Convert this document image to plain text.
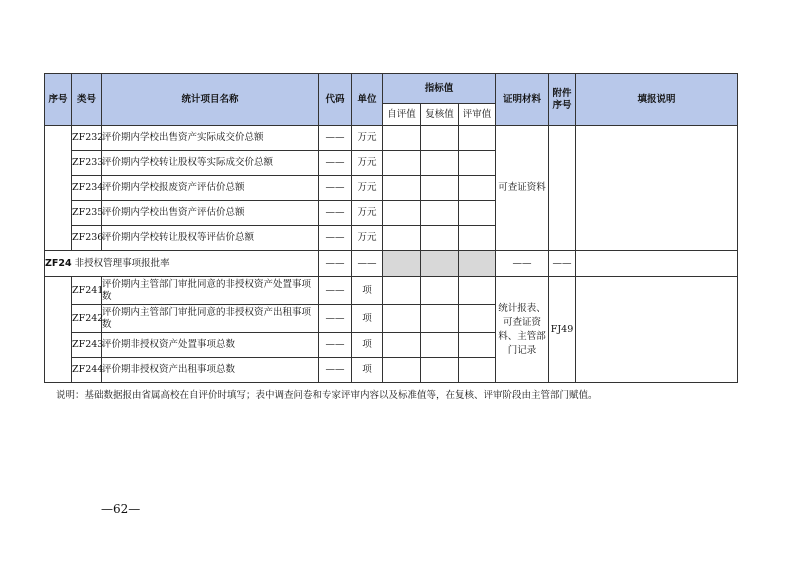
序号	类号	统计项目名称	代码	单位	指标值			证明材料	附件序号	填报说明
					自评值	复核值	评审值			
	ZF232	评价期内学校出售资产实际成交价总额	——	万元				可查证资料		
	ZF233	评价期内学校转让股权等实际成交价总额	——	万元						
	ZF234	评价期内学校报废资产评估价总额	——	万元						
	ZF235	评价期内学校出售资产评估价总额	——	万元						
	ZF236	评价期内学校转让股权等评估价总额	——	万元						
ZF24 非授权管理事项报批率			——	——				——	——	
	ZF241	评价期内主管部门审批同意的非授权资产处置事项数	——	项				统计报表、可查证资料、主管部门记录	FJ49	
	ZF242	评价期内主管部门审批同意的非授权资产出租事项数	——	项						
	ZF243	评价期非授权资产处置事项总数	——	项						
	ZF244	评价期非授权资产出租事项总数	——	项						
说明：基础数据报由省属高校在自评价时填写；表中调查问卷和专家评审内容以及标准值等，在复核、评审阶段由主管部门赋值。
—62—
